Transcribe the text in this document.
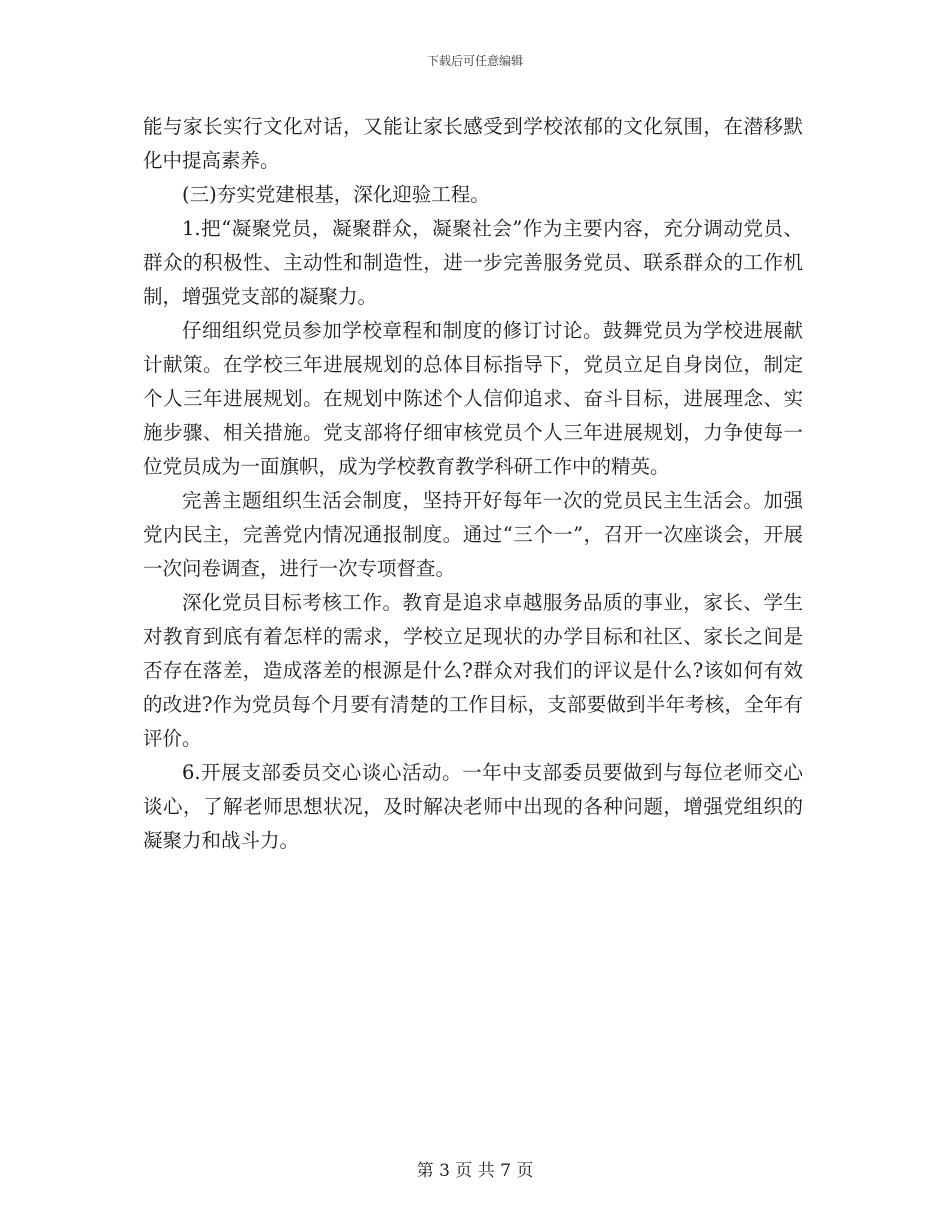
下载后可任意编辑

能与家长实行文化对话，又能让家长感受到学校浓郁的文化氛围，在潜移默化中提高素养。

(三)夯实党建根基，深化迎验工程。

1.把“凝聚党员，凝聚群众，凝聚社会”作为主要内容，充分调动党员、群众的积极性、主动性和制造性，进一步完善服务党员、联系群众的工作机制，增强党支部的凝聚力。

仔细组织党员参加学校章程和制度的修订讨论。鼓舞党员为学校进展献计献策。在学校三年进展规划的总体目标指导下，党员立足自身岗位，制定个人三年进展规划。在规划中陈述个人信仰追求、奋斗目标，进展理念、实施步骤、相关措施。党支部将仔细审核党员个人三年进展规划，力争使每一位党员成为一面旗帜，成为学校教育教学科研工作中的精英。

完善主题组织生活会制度，坚持开好每年一次的党员民主生活会。加强党内民主，完善党内情况通报制度。通过“三个一”，召开一次座谈会，开展一次问卷调查，进行一次专项督查。

深化党员目标考核工作。教育是追求卓越服务品质的事业，家长、学生对教育到底有着怎样的需求，学校立足现状的办学目标和社区、家长之间是否存在落差，造成落差的根源是什么?群众对我们的评议是什么?该如何有效的改进?作为党员每个月要有清楚的工作目标，支部要做到半年考核，全年有评价。

6.开展支部委员交心谈心活动。一年中支部委员要做到与每位老师交心谈心，了解老师思想状况，及时解决老师中出现的各种问题，增强党组织的凝聚力和战斗力。

第 3 页 共 7 页
